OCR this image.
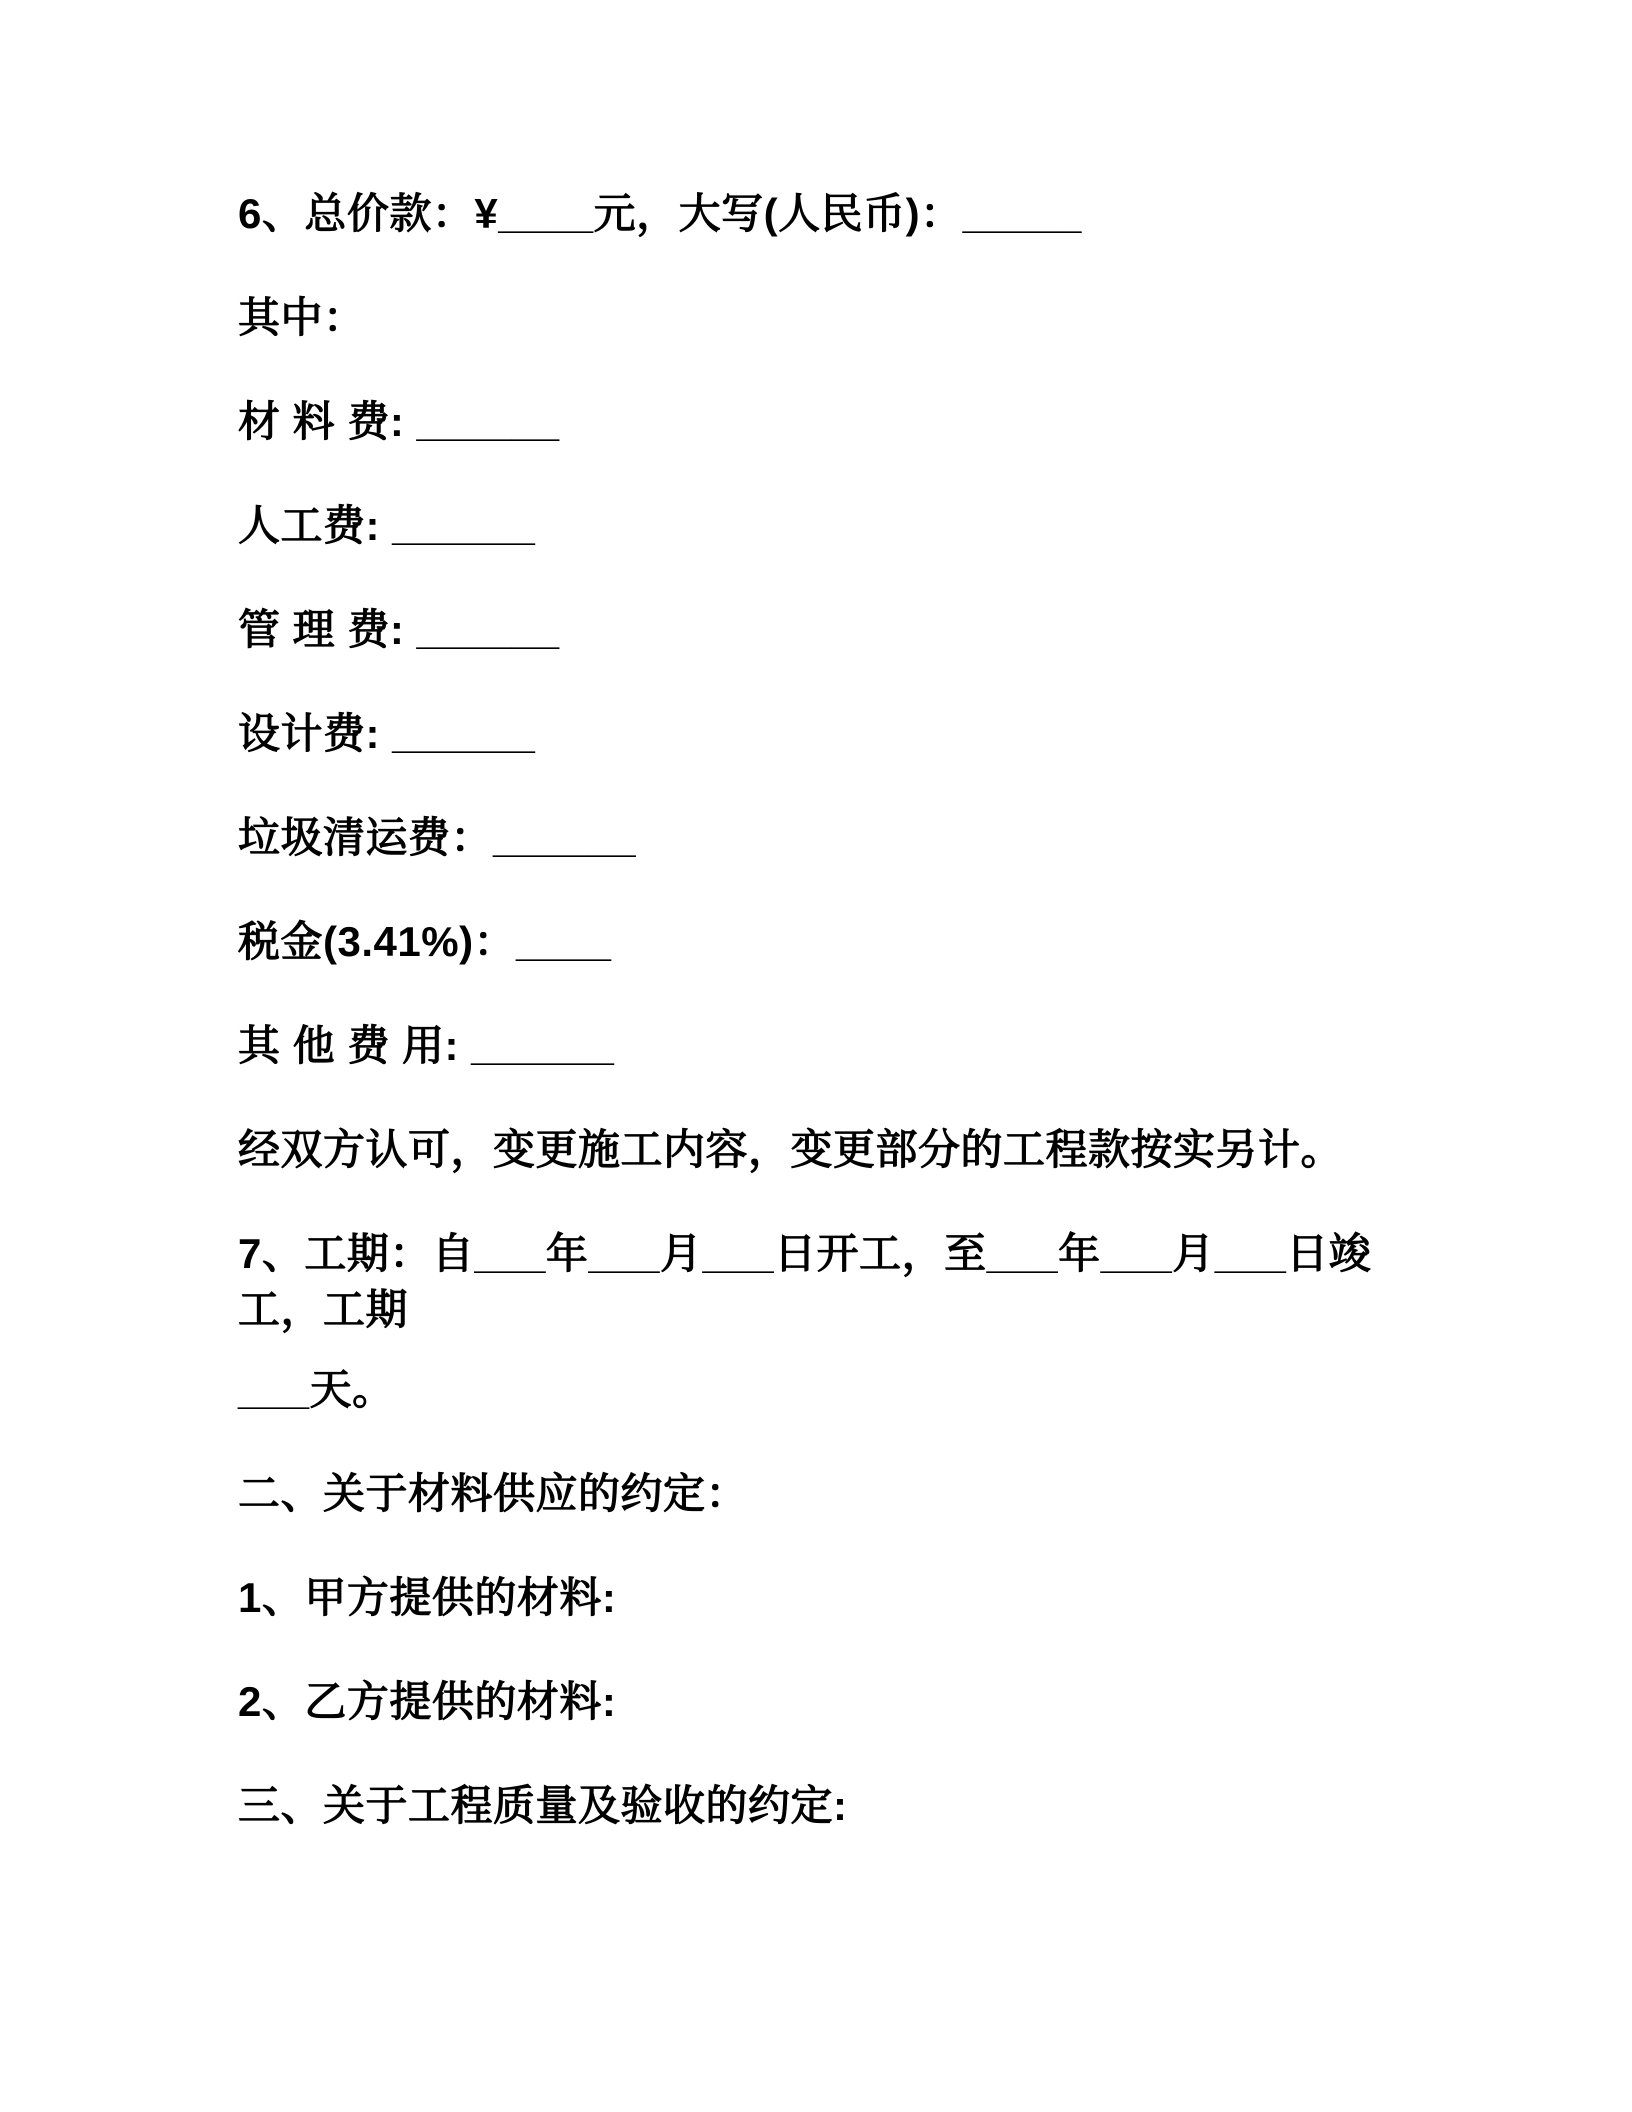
6、总价款：¥____元，大写(人民币)：_____

其中：

材 料 费: ______

人工费: ______

管 理 费: ______

设计费: ______

垃圾清运费：______

税金(3.41%)：____

其 他 费 用: ______

经双方认可，变更施工内容，变更部分的工程款按实另计。

7、工期：自___年___月___日开工，至___年___月___日竣工，工期

___天。

二、关于材料供应的约定：

1、甲方提供的材料:

2、乙方提供的材料:

三、关于工程质量及验收的约定:
